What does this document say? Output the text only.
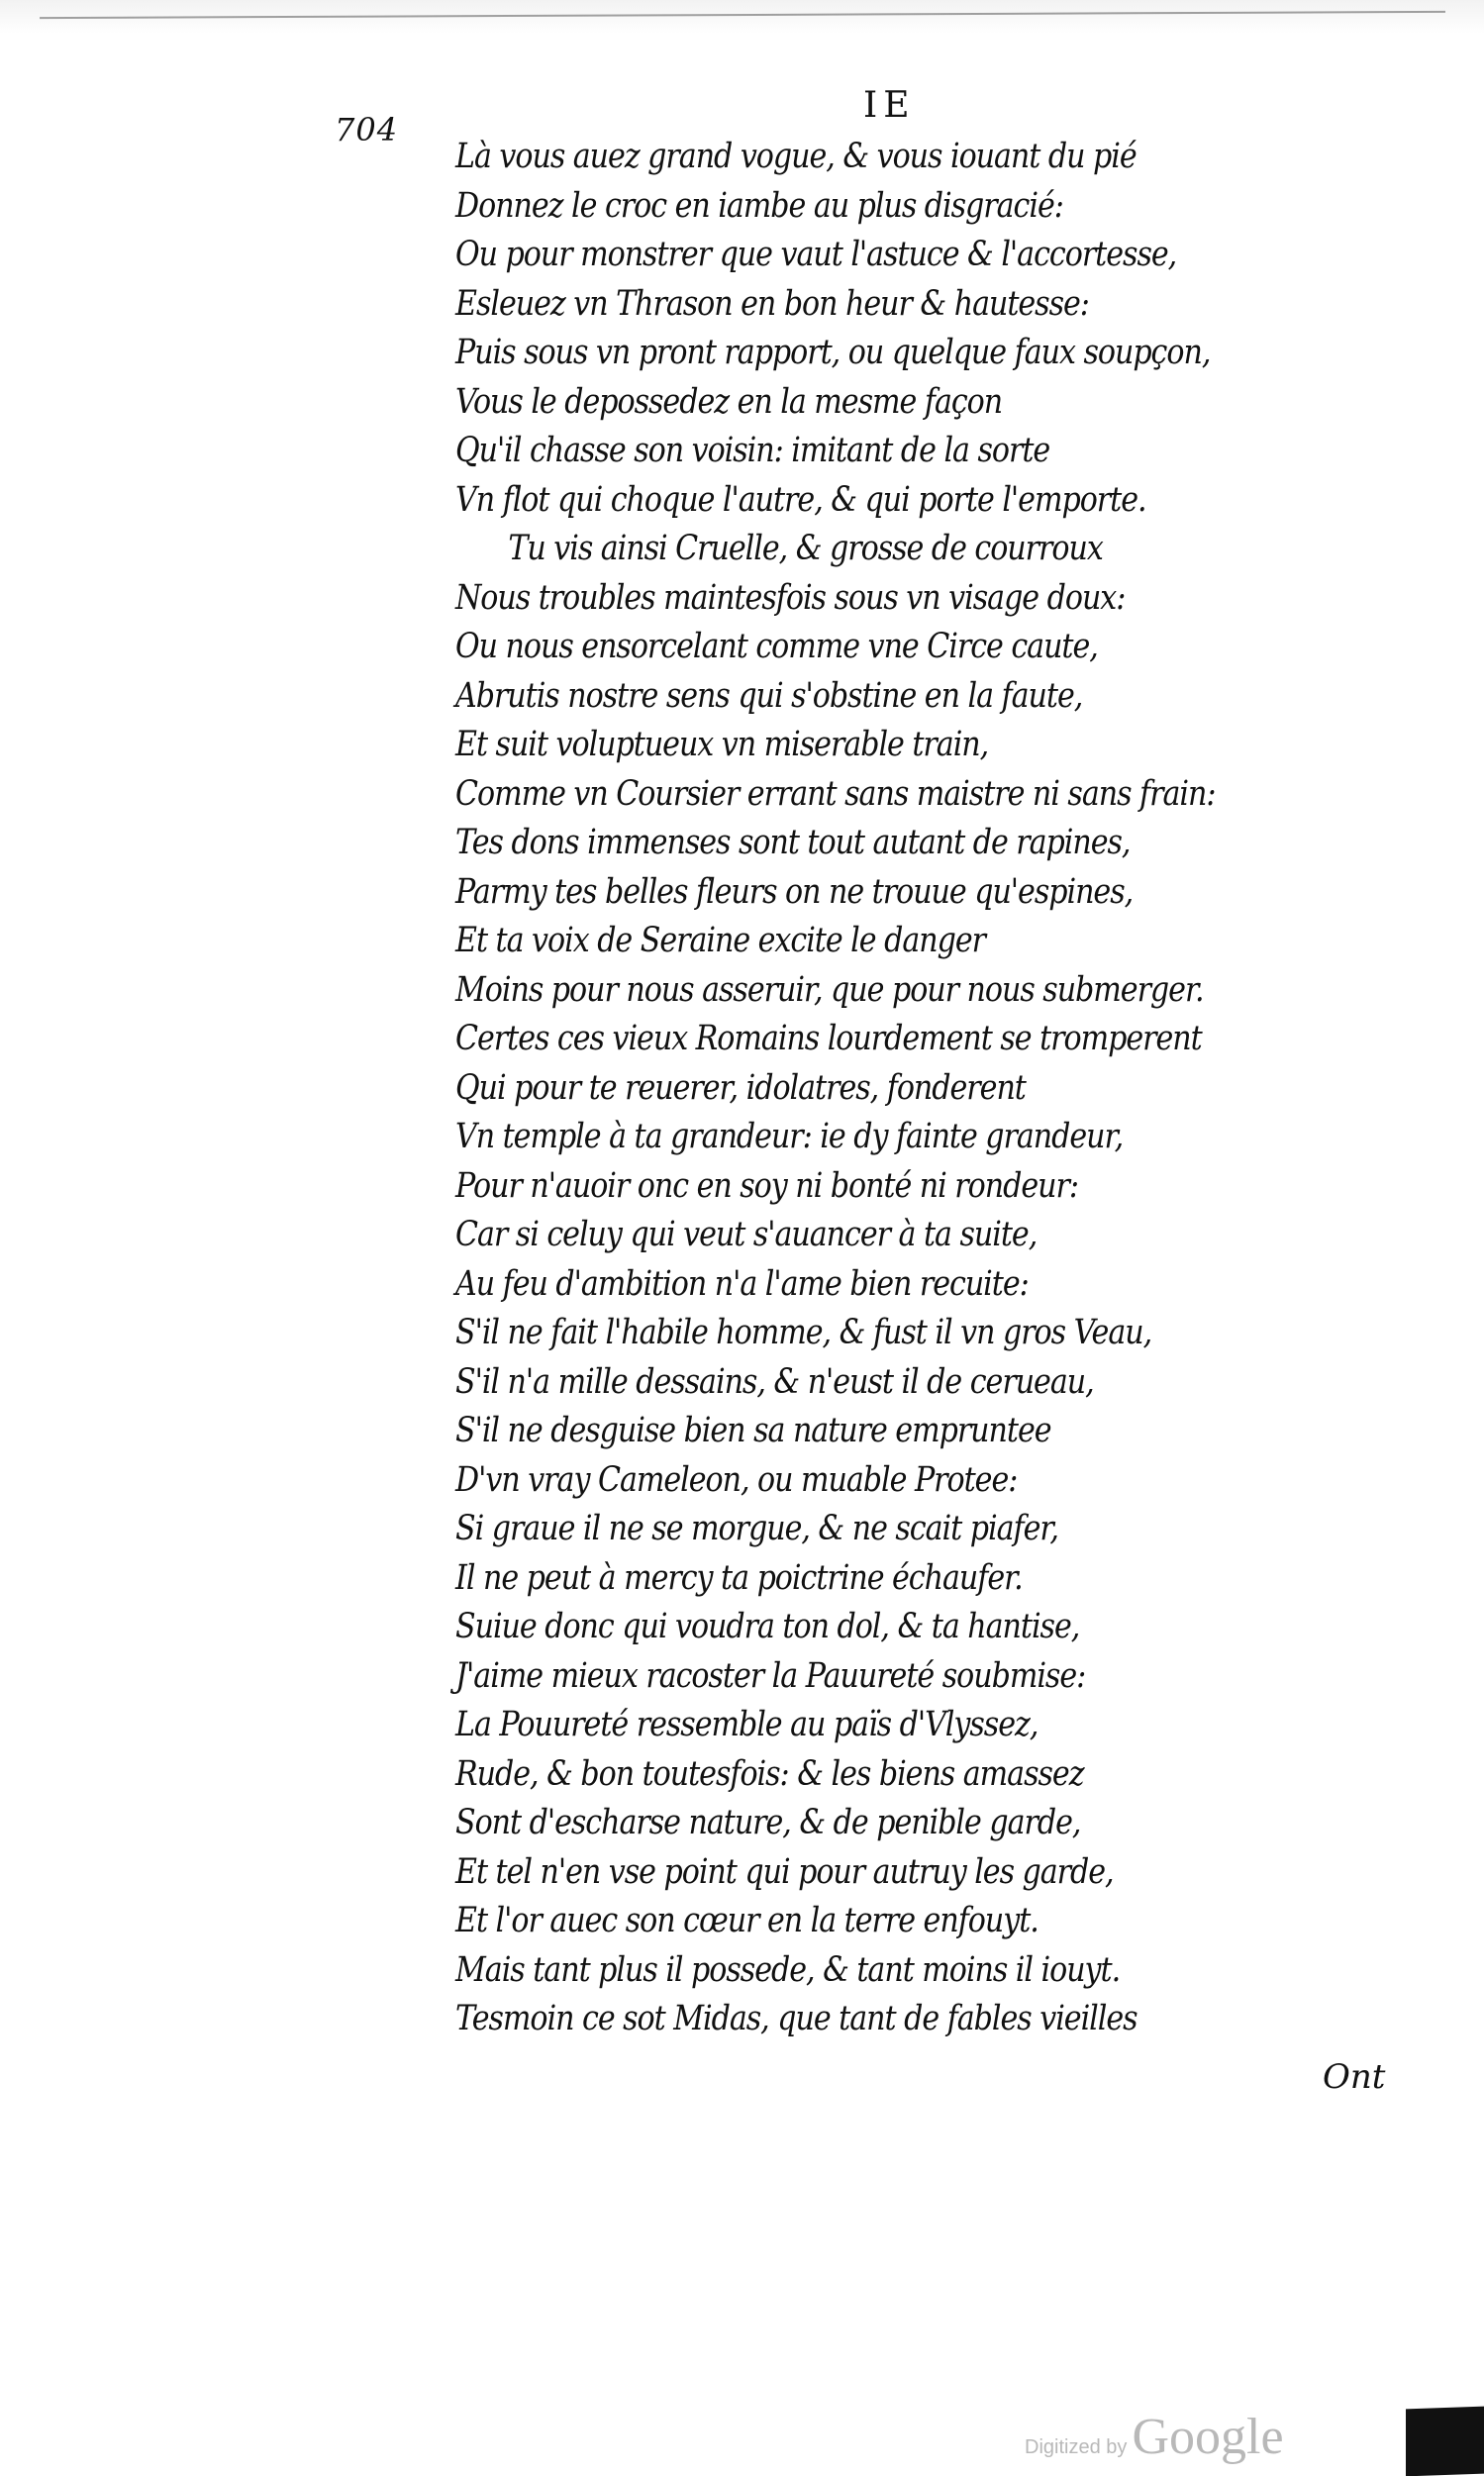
704
IE
Là vous auez grand vogue, & vous iouant du pié
Donnez le croc en iambe au plus disgracié:
Ou pour monstrer que vaut l'astuce & l'accortesse,
Esleuez vn Thrason en bon heur & hautesse:
Puis sous vn pront rapport, ou quelque faux soupçon,
Vous le depossedez en la mesme façon
Qu'il chasse son voisin: imitant de la sorte
Vn flot qui choque l'autre, & qui porte l'emporte.
Tu vis ainsi Cruelle, & grosse de courroux
Nous troubles maintesfois sous vn visage doux:
Ou nous ensorcelant comme vne Circe caute,
Abrutis nostre sens qui s'obstine en la faute,
Et suit voluptueux vn miserable train,
Comme vn Coursier errant sans maistre ni sans frain:
Tes dons immenses sont tout autant de rapines,
Parmy tes belles fleurs on ne trouue qu'espines,
Et ta voix de Seraine excite le danger
Moins pour nous asseruir, que pour nous submerger.
Certes ces vieux Romains lourdement se tromperent
Qui pour te reuerer, idolatres, fonderent
Vn temple à ta grandeur: ie dy fainte grandeur,
Pour n'auoir onc en soy ni bonté ni rondeur:
Car si celuy qui veut s'auancer à ta suite,
Au feu d'ambition n'a l'ame bien recuite:
S'il ne fait l'habile homme, & fust il vn gros Veau,
S'il n'a mille dessains, & n'eust il de cerueau,
S'il ne desguise bien sa nature empruntee
D'vn vray Cameleon, ou muable Protee:
Si graue il ne se morgue, & ne scait piafer,
Il ne peut à mercy ta poictrine échaufer.
Suiue donc qui voudra ton dol, & ta hantise,
J'aime mieux racoster la Pauureté soubmise:
La Pouureté ressemble au païs d'Vlyssez,
Rude, & bon toutesfois: & les biens amassez
Sont d'escharse nature, & de penible garde,
Et tel n'en vse point qui pour autruy les garde,
Et l'or auec son cœur en la terre enfouyt.
Mais tant plus il possede, & tant moins il iouyt.
Tesmoin ce sot Midas, que tant de fables vieilles
Ont
Digitized by Google
